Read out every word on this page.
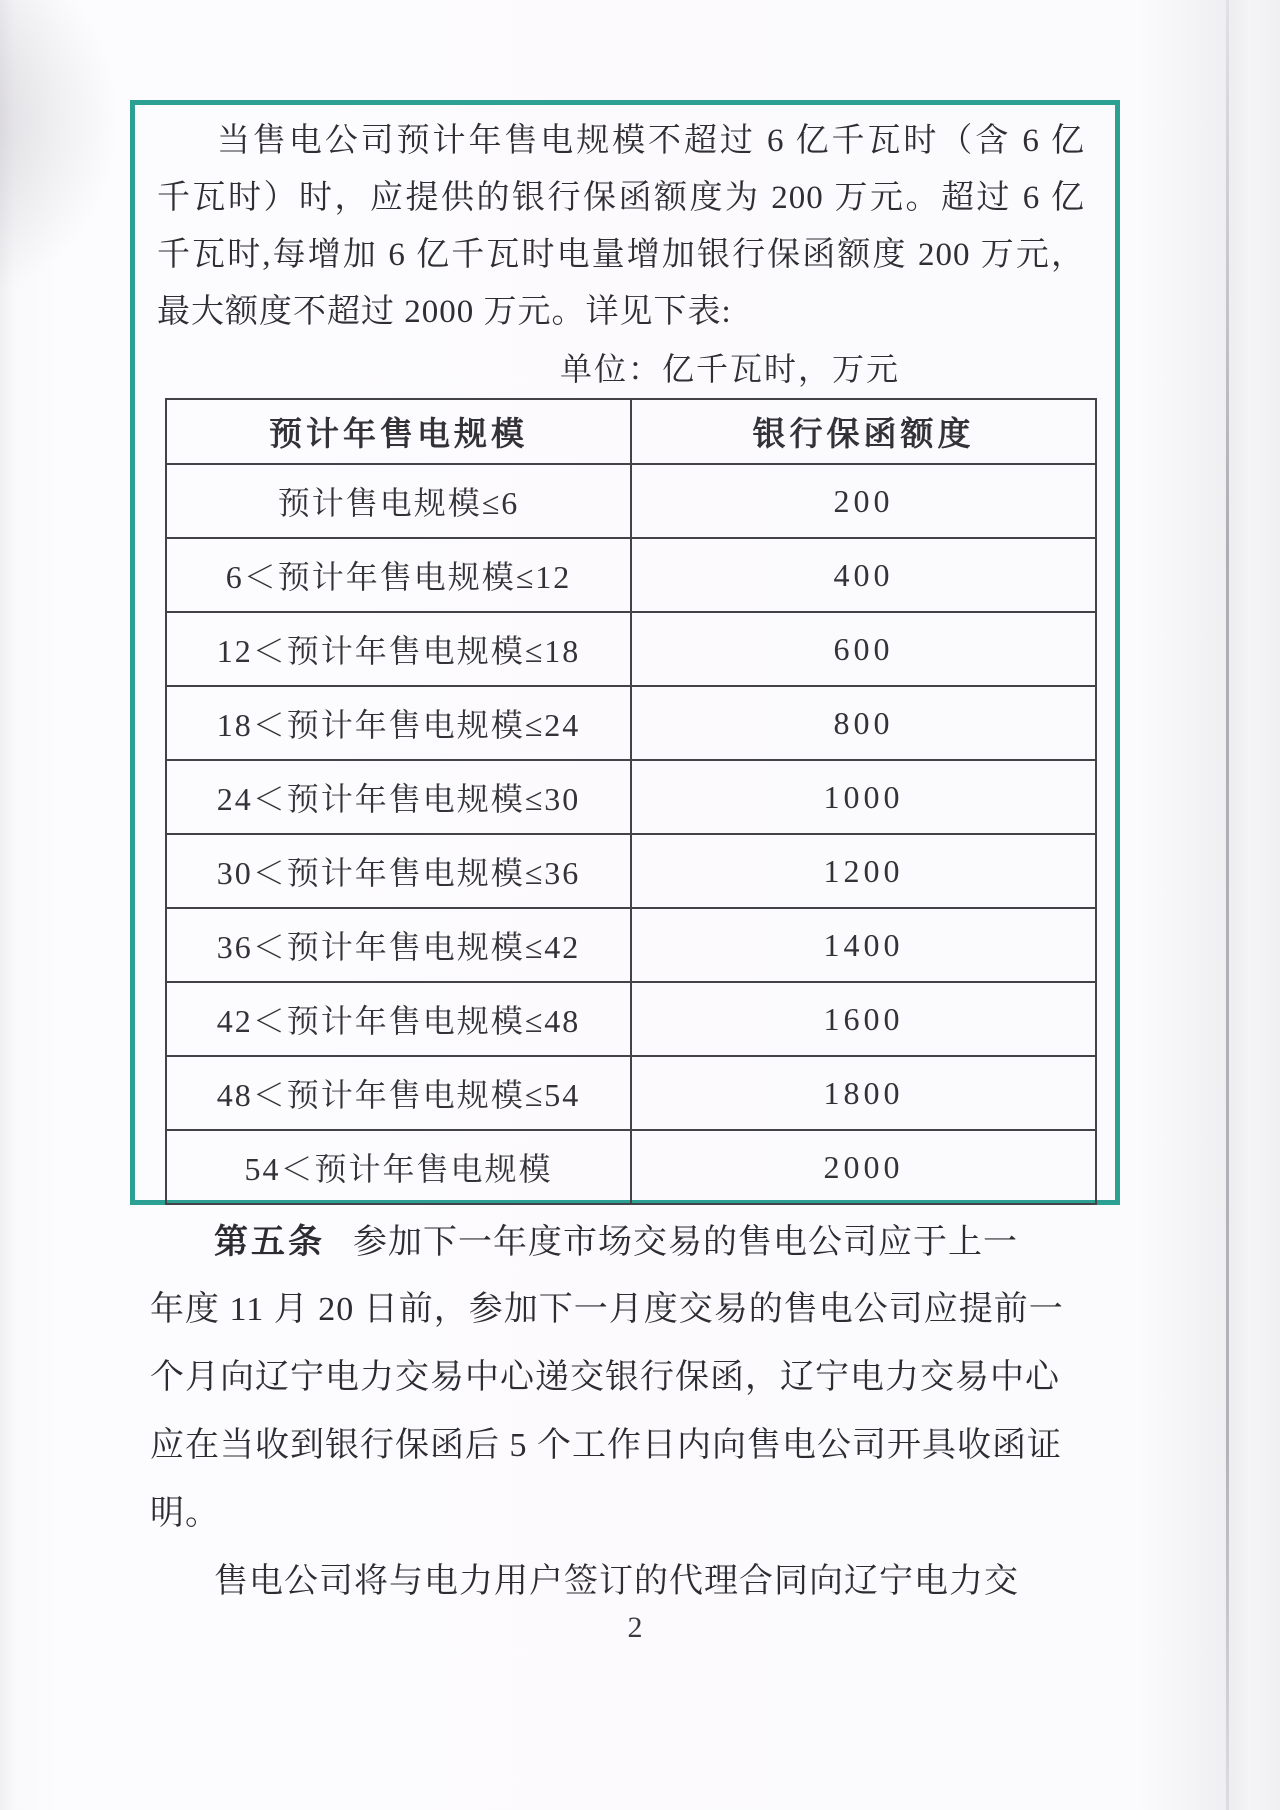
当售电公司预计年售电规模不超过 6 亿千瓦时（含 6 亿
千瓦时）时，应提供的银行保函额度为 200 万元。超过 6 亿
千瓦时,每增加 6 亿千瓦时电量增加银行保函额度 200 万元，
最大额度不超过 2000 万元。详见下表:
单位：亿千瓦时，万元
预计年售电规模	银行保函额度
预计售电规模≤6	200
6＜预计年售电规模≤12	400
12＜预计年售电规模≤18	600
18＜预计年售电规模≤24	800
24＜预计年售电规模≤30	1000
30＜预计年售电规模≤36	1200
36＜预计年售电规模≤42	1400
42＜预计年售电规模≤48	1600
48＜预计年售电规模≤54	1800
54＜预计年售电规模	2000
第五条 参加下一年度市场交易的售电公司应于上一
年度 11 月 20 日前，参加下一月度交易的售电公司应提前一
个月向辽宁电力交易中心递交银行保函，辽宁电力交易中心
应在当收到银行保函后 5 个工作日内向售电公司开具收函证
明。
售电公司将与电力用户签订的代理合同向辽宁电力交
2
